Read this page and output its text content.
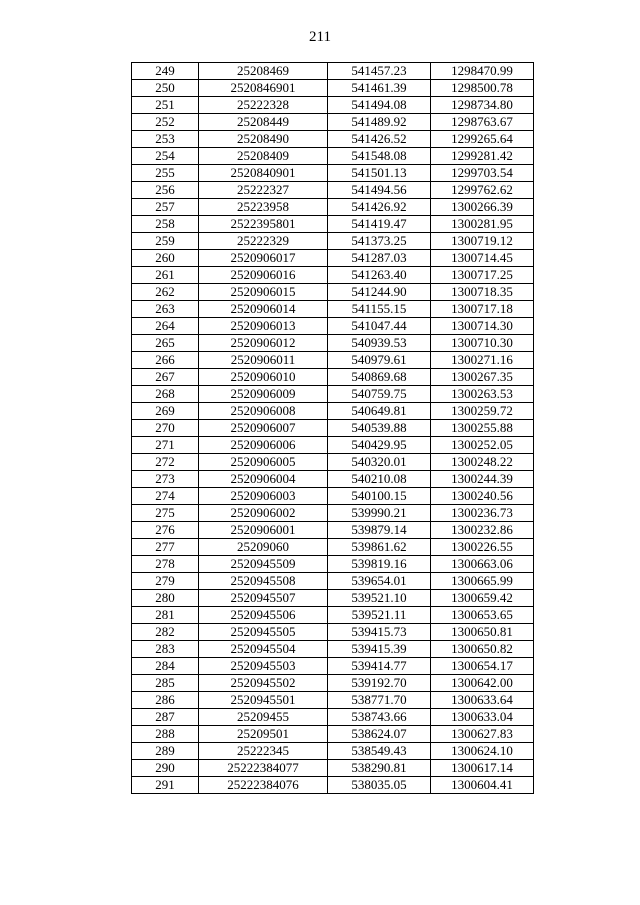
211
249	25208469	541457.23	1298470.99
250	2520846901	541461.39	1298500.78
251	25222328	541494.08	1298734.80
252	25208449	541489.92	1298763.67
253	25208490	541426.52	1299265.64
254	25208409	541548.08	1299281.42
255	2520840901	541501.13	1299703.54
256	25222327	541494.56	1299762.62
257	25223958	541426.92	1300266.39
258	2522395801	541419.47	1300281.95
259	25222329	541373.25	1300719.12
260	2520906017	541287.03	1300714.45
261	2520906016	541263.40	1300717.25
262	2520906015	541244.90	1300718.35
263	2520906014	541155.15	1300717.18
264	2520906013	541047.44	1300714.30
265	2520906012	540939.53	1300710.30
266	2520906011	540979.61	1300271.16
267	2520906010	540869.68	1300267.35
268	2520906009	540759.75	1300263.53
269	2520906008	540649.81	1300259.72
270	2520906007	540539.88	1300255.88
271	2520906006	540429.95	1300252.05
272	2520906005	540320.01	1300248.22
273	2520906004	540210.08	1300244.39
274	2520906003	540100.15	1300240.56
275	2520906002	539990.21	1300236.73
276	2520906001	539879.14	1300232.86
277	25209060	539861.62	1300226.55
278	2520945509	539819.16	1300663.06
279	2520945508	539654.01	1300665.99
280	2520945507	539521.10	1300659.42
281	2520945506	539521.11	1300653.65
282	2520945505	539415.73	1300650.81
283	2520945504	539415.39	1300650.82
284	2520945503	539414.77	1300654.17
285	2520945502	539192.70	1300642.00
286	2520945501	538771.70	1300633.64
287	25209455	538743.66	1300633.04
288	25209501	538624.07	1300627.83
289	25222345	538549.43	1300624.10
290	25222384077	538290.81	1300617.14
291	25222384076	538035.05	1300604.41
